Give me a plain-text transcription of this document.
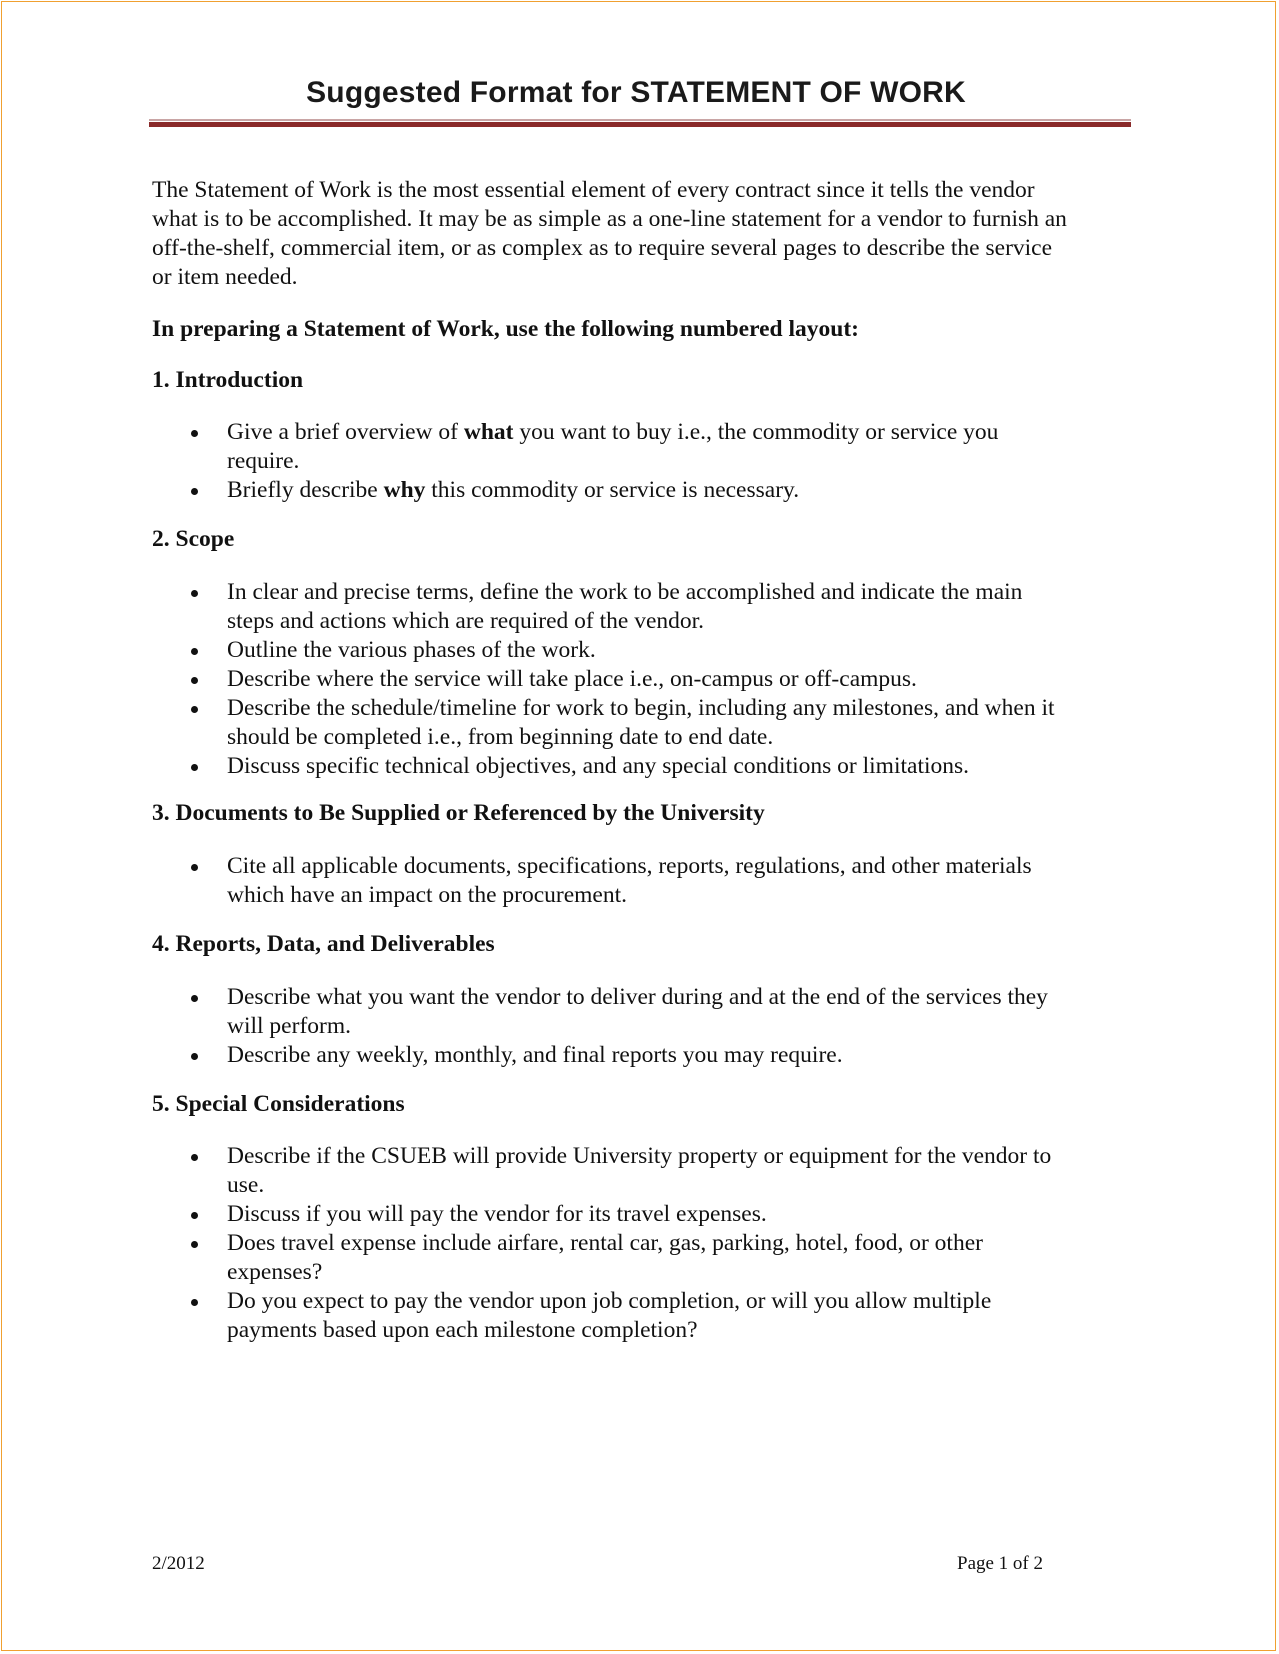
Suggested Format for STATEMENT OF WORK
The Statement of Work is the most essential element of every contract since it tells the vendor
what is to be accomplished. It may be as simple as a one-line statement for a vendor to furnish an
off-the-shelf, commercial item, or as complex as to require several pages to describe the service
or item needed.
In preparing a Statement of Work, use the following numbered layout:

1. Introduction

Give a brief overview of what you want to buy i.e., the commodity or service you
require.
Briefly describe why this commodity or service is necessary.

2. Scope

In clear and precise terms, define the work to be accomplished and indicate the main
steps and actions which are required of the vendor.
Outline the various phases of the work.
Describe where the service will take place i.e., on-campus or off-campus.
Describe the schedule/timeline for work to begin, including any milestones, and when it
should be completed i.e., from beginning date to end date.
Discuss specific technical objectives, and any special conditions or limitations.

3. Documents to Be Supplied or Referenced by the University

Cite all applicable documents, specifications, reports, regulations, and other materials
which have an impact on the procurement.

4. Reports, Data, and Deliverables

Describe what you want the vendor to deliver during and at the end of the services they
will perform.
Describe any weekly, monthly, and final reports you may require.

5. Special Considerations

Describe if the CSUEB will provide University property or equipment for the vendor to
use.
Discuss if you will pay the vendor for its travel expenses.
Does travel expense include airfare, rental car, gas, parking, hotel, food, or other
expenses?
Do you expect to pay the vendor upon job completion, or will you allow multiple
payments based upon each milestone completion?
2/2012	Page 1 of 2
